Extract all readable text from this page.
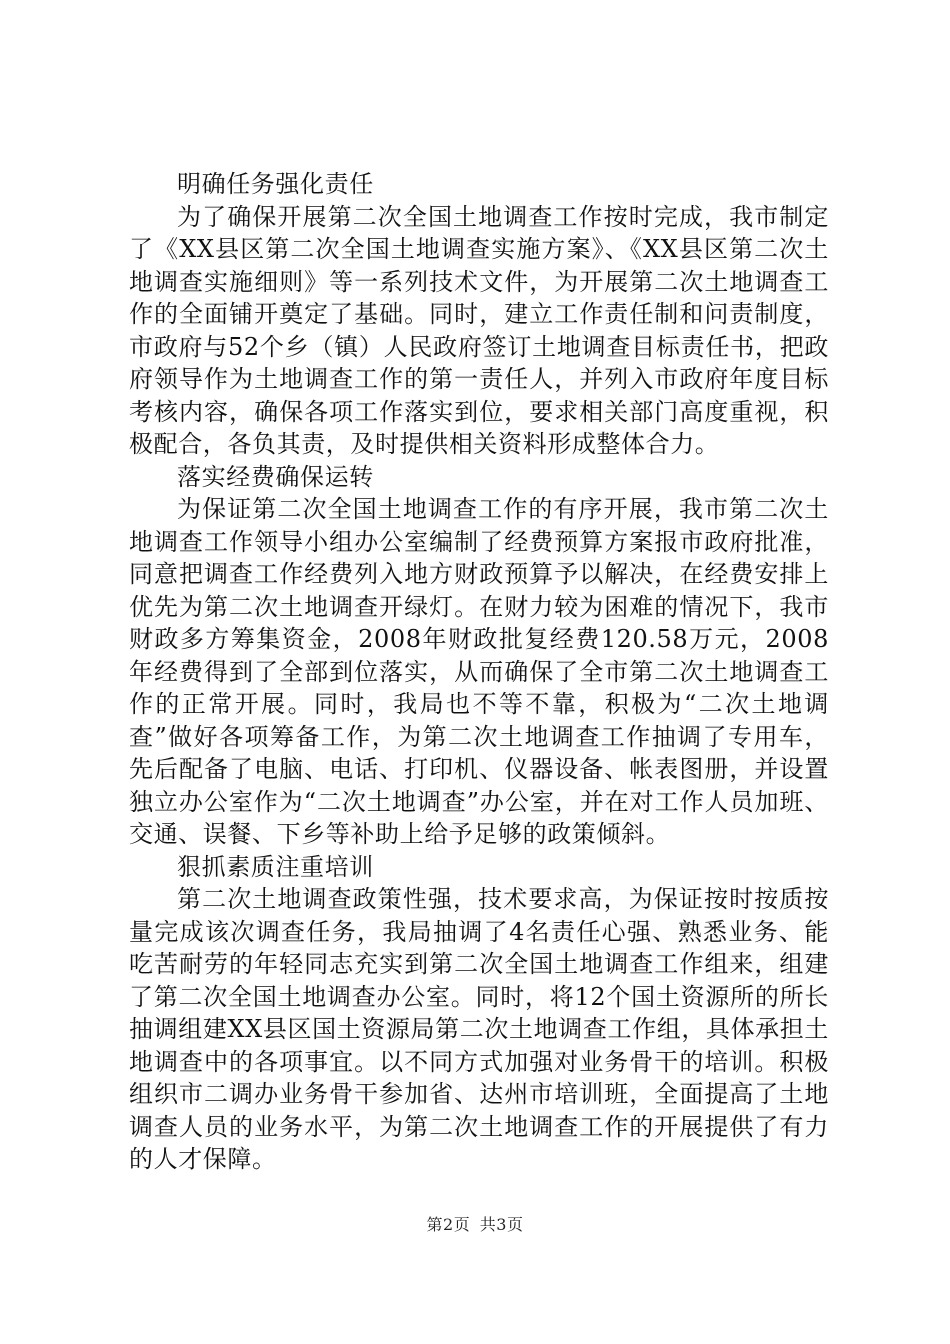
明确任务强化责任

为了确保开展第二次全国土地调查工作按时完成，我市制定了《XX县区第二次全国土地调查实施方案》、《XX县区第二次土地调查实施细则》等一系列技术文件，为开展第二次土地调查工作的全面铺开奠定了基础。同时，建立工作责任制和问责制度，市政府与52个乡（镇）人民政府签订土地调查目标责任书，把政府领导作为土地调查工作的第一责任人，并列入市政府年度目标考核内容，确保各项工作落实到位，要求相关部门高度重视，积极配合，各负其责，及时提供相关资料形成整体合力。

落实经费确保运转

为保证第二次全国土地调查工作的有序开展，我市第二次土地调查工作领导小组办公室编制了经费预算方案报市政府批准，同意把调查工作经费列入地方财政预算予以解决，在经费安排上优先为第二次土地调查开绿灯。在财力较为困难的情况下，我市财政多方筹集资金，2008年财政批复经费120.58万元，2008年经费得到了全部到位落实，从而确保了全市第二次土地调查工作的正常开展。同时，我局也不等不靠，积极为“二次土地调查”做好各项筹备工作，为第二次土地调查工作抽调了专用车，先后配备了电脑、电话、打印机、仪器设备、帐表图册，并设置独立办公室作为“二次土地调查”办公室，并在对工作人员加班、交通、误餐、下乡等补助上给予足够的政策倾斜。

狠抓素质注重培训

第二次土地调查政策性强，技术要求高，为保证按时按质按量完成该次调查任务，我局抽调了4名责任心强、熟悉业务、能吃苦耐劳的年轻同志充实到第二次全国土地调查工作组来，组建了第二次全国土地调查办公室。同时，将12个国土资源所的所长抽调组建XX县区国土资源局第二次土地调查工作组，具体承担土地调查中的各项事宜。以不同方式加强对业务骨干的培训。积极组织市二调办业务骨干参加省、达州市培训班，全面提高了土地调查人员的业务水平，为第二次土地调查工作的开展提供了有力的人才保障。

第2页 共3页
